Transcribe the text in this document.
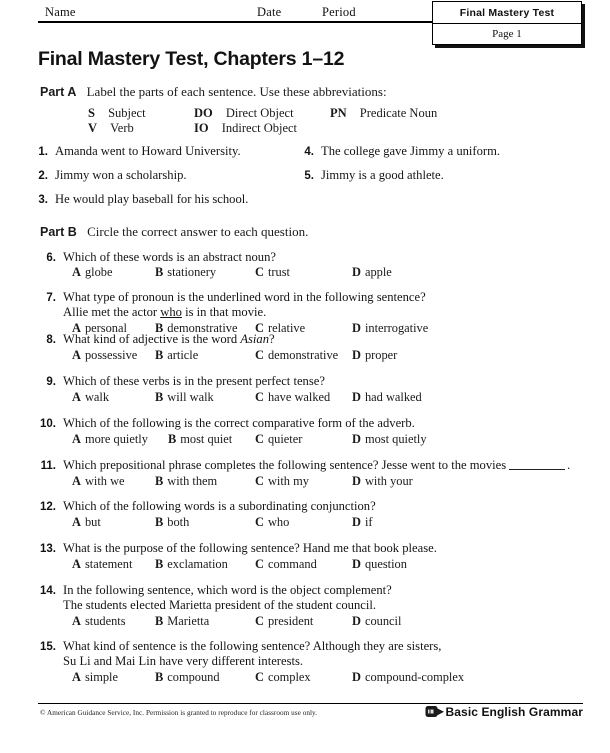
Name	Date	Period	Final Mastery Test
Page 1
Final Mastery Test, Chapters 1–12
Part A Label the parts of each sentence. Use these abbreviations:
S Subject	DO Direct Object	PN Predicate Noun
V Verb	IO Indirect Object
1. Amanda went to Howard University.
2. Jimmy won a scholarship.
3. He would play baseball for his school.
4. The college gave Jimmy a uniform.
5. Jimmy is a good athlete.
Part B Circle the correct answer to each question.
6. Which of these words is an abstract noun?
A globe	B stationery	C trust	D apple
7. What type of pronoun is the underlined word in the following sentence?
Allie met the actor who is in that movie.
A personal B demonstrative C relative	D interrogative
8. What kind of adjective is the word Asian?
A possessive B article	C demonstrative D proper
9. Which of these verbs is in the present perfect tense?
A walk	B will walk	C have walked D had walked
10. Which of the following is the correct comparative form of the adverb.
A more quietly B most quiet C quieter	D most quietly
11. Which prepositional phrase completes the following sentence? Jesse went to the movies	.
A with we B with them	C with my	D with your
12. Which of the following words is a subordinating conjunction?
A but	B both	C who	D if
13. What is the purpose of the following sentence? Hand me that book please.
A statement B exclamation C command	D question
14. In the following sentence, which word is the object complement?
The students elected Marietta president of the student council.
A students B Marietta	C president	D council
15. What kind of sentence is the following sentence? Although they are sisters,
Su Li and Mai Lin have very different interests.
A simple	B compound	C complex	D compound-complex
© American Guidance Service, Inc. Permission is granted to reproduce for classroom use only.	Basic English Grammar
